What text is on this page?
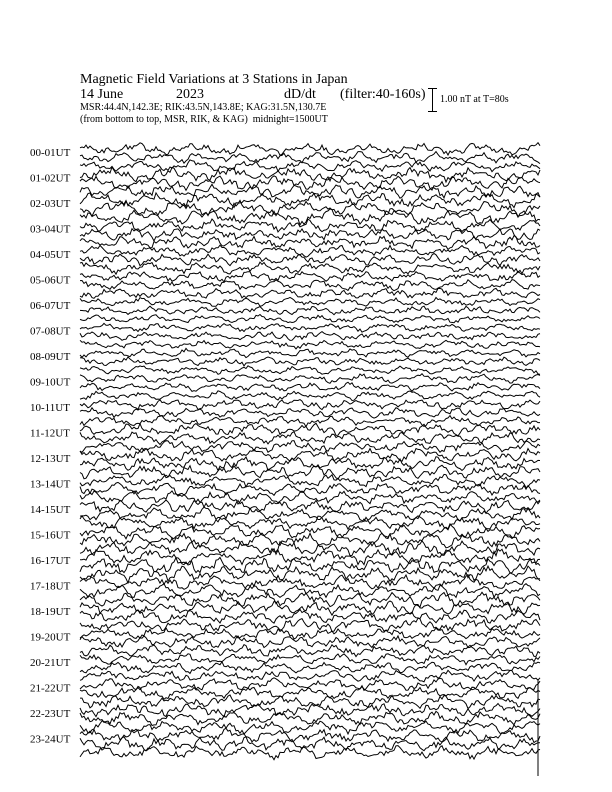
Magnetic Field Variations at 3 Stations in Japan
14 June	2023	dD/dt (filter:40-160s)
MSR:44.4N,142.3E; RIK:43.5N,143.8E; KAG:31.5N,130.7E
(from bottom to top, MSR, RIK, & KAG) midnight=1500UT
1.00 nT at T=80s
00-01UT
01-02UT
02-03UT
03-04UT
04-05UT
05-06UT
06-07UT
07-08UT
08-09UT
09-10UT
10-11UT
11-12UT
12-13UT
13-14UT
14-15UT
15-16UT
16-17UT
17-18UT
18-19UT
19-20UT
20-21UT
21-22UT
22-23UT
23-24UT
